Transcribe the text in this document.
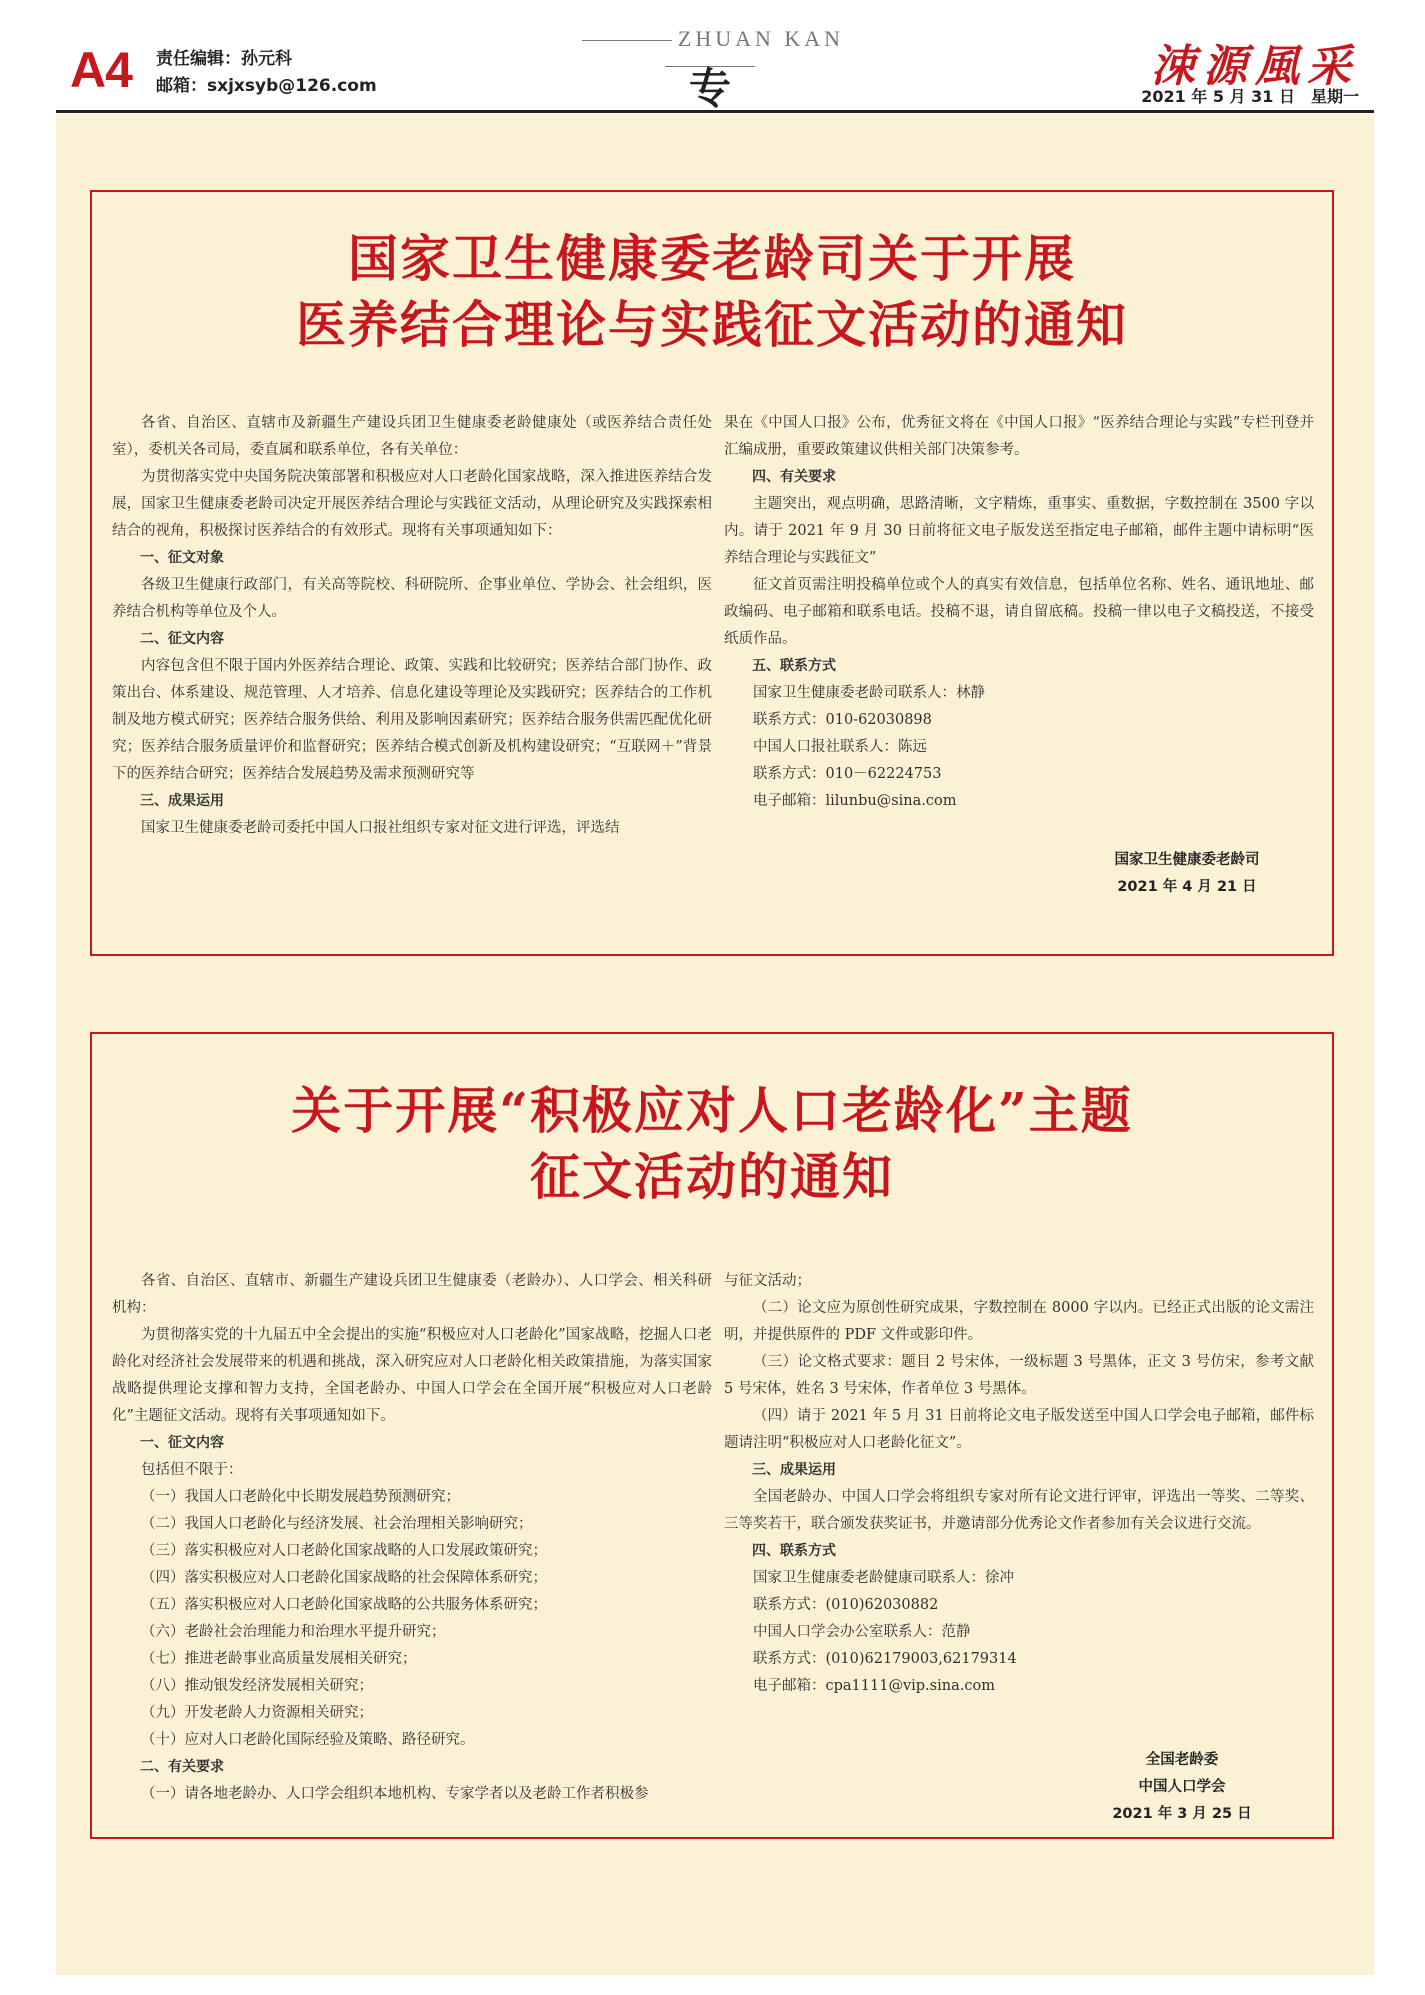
A4 责任编辑：孙元科
邮箱：sxjxsyb@126.com
ZHUAN KAN
专	涑源風采
2021 年 5 月 31 日　星期一
国家卫生健康委老龄司关于开展
医养结合理论与实践征文活动的通知

各省、自治区、直辖市及新疆生产建设兵团卫生健康委老龄健康处（或医养结合责任处室），委机关各司局，委直属和联系单位，各有关单位：

为贯彻落实党中央国务院决策部署和积极应对人口老龄化国家战略，深入推进医养结合发展，国家卫生健康委老龄司决定开展医养结合理论与实践征文活动，从理论研究及实践探索相结合的视角，积极探讨医养结合的有效形式。现将有关事项通知如下：

一、征文对象

各级卫生健康行政部门，有关高等院校、科研院所、企事业单位、学协会、社会组织，医养结合机构等单位及个人。

二、征文内容

内容包含但不限于国内外医养结合理论、政策、实践和比较研究；医养结合部门协作、政策出台、体系建设、规范管理、人才培养、信息化建设等理论及实践研究；医养结合的工作机制及地方模式研究；医养结合服务供给、利用及影响因素研究；医养结合服务供需匹配优化研究；医养结合服务质量评价和监督研究；医养结合模式创新及机构建设研究；“互联网＋”背景下的医养结合研究；医养结合发展趋势及需求预测研究等

三、成果运用

国家卫生健康委老龄司委托中国人口报社组织专家对征文进行评选，评选结

果在《中国人口报》公布，优秀征文将在《中国人口报》“医养结合理论与实践”专栏刊登并汇编成册，重要政策建议供相关部门决策参考。

四、有关要求

主题突出，观点明确，思路清晰，文字精炼，重事实、重数据，字数控制在 3500 字以内。请于 2021 年 9 月 30 日前将征文电子版发送至指定电子邮箱，邮件主题中请标明“医养结合理论与实践征文”

征文首页需注明投稿单位或个人的真实有效信息，包括单位名称、姓名、通讯地址、邮政编码、电子邮箱和联系电话。投稿不退，请自留底稿。投稿一律以电子文稿投送，不接受纸质作品。

五、联系方式

国家卫生健康委老龄司联系人：林静

联系方式：010-62030898

中国人口报社联系人：陈远

联系方式：010－62224753

电子邮箱：lilunbu@sina.com

国家卫生健康委老龄司
2021 年 4 月 21 日
关于开展“积极应对人口老龄化”主题
征文活动的通知

各省、自治区、直辖市、新疆生产建设兵团卫生健康委（老龄办）、人口学会、相关科研机构：

为贯彻落实党的十九届五中全会提出的实施“积极应对人口老龄化”国家战略，挖掘人口老龄化对经济社会发展带来的机遇和挑战，深入研究应对人口老龄化相关政策措施，为落实国家战略提供理论支撑和智力支持，全国老龄办、中国人口学会在全国开展“积极应对人口老龄化”主题征文活动。现将有关事项通知如下。

一、征文内容

包括但不限于：

（一）我国人口老龄化中长期发展趋势预测研究；

（二）我国人口老龄化与经济发展、社会治理相关影响研究；

（三）落实积极应对人口老龄化国家战略的人口发展政策研究；

（四）落实积极应对人口老龄化国家战略的社会保障体系研究；

（五）落实积极应对人口老龄化国家战略的公共服务体系研究；

（六）老龄社会治理能力和治理水平提升研究；

（七）推进老龄事业高质量发展相关研究；

（八）推动银发经济发展相关研究；

（九）开发老龄人力资源相关研究；

（十）应对人口老龄化国际经验及策略、路径研究。

二、有关要求

（一）请各地老龄办、人口学会组织本地机构、专家学者以及老龄工作者积极参

与征文活动；

（二）论文应为原创性研究成果，字数控制在 8000 字以内。已经正式出版的论文需注明，并提供原件的 PDF 文件或影印件。

（三）论文格式要求：题目 2 号宋体，一级标题 3 号黑体，正文 3 号仿宋，参考文献 5 号宋体，姓名 3 号宋体，作者单位 3 号黑体。

（四）请于 2021 年 5 月 31 日前将论文电子版发送至中国人口学会电子邮箱，邮件标题请注明“积极应对人口老龄化征文”。

三、成果运用

全国老龄办、中国人口学会将组织专家对所有论文进行评审，评选出一等奖、二等奖、三等奖若干，联合颁发获奖证书，并邀请部分优秀论文作者参加有关会议进行交流。

四、联系方式

国家卫生健康委老龄健康司联系人：徐冲

联系方式：(010)62030882

中国人口学会办公室联系人：范静

联系方式：(010)62179003,62179314

电子邮箱：cpa1111@vip.sina.com

全国老龄委
中国人口学会
2021 年 3 月 25 日
